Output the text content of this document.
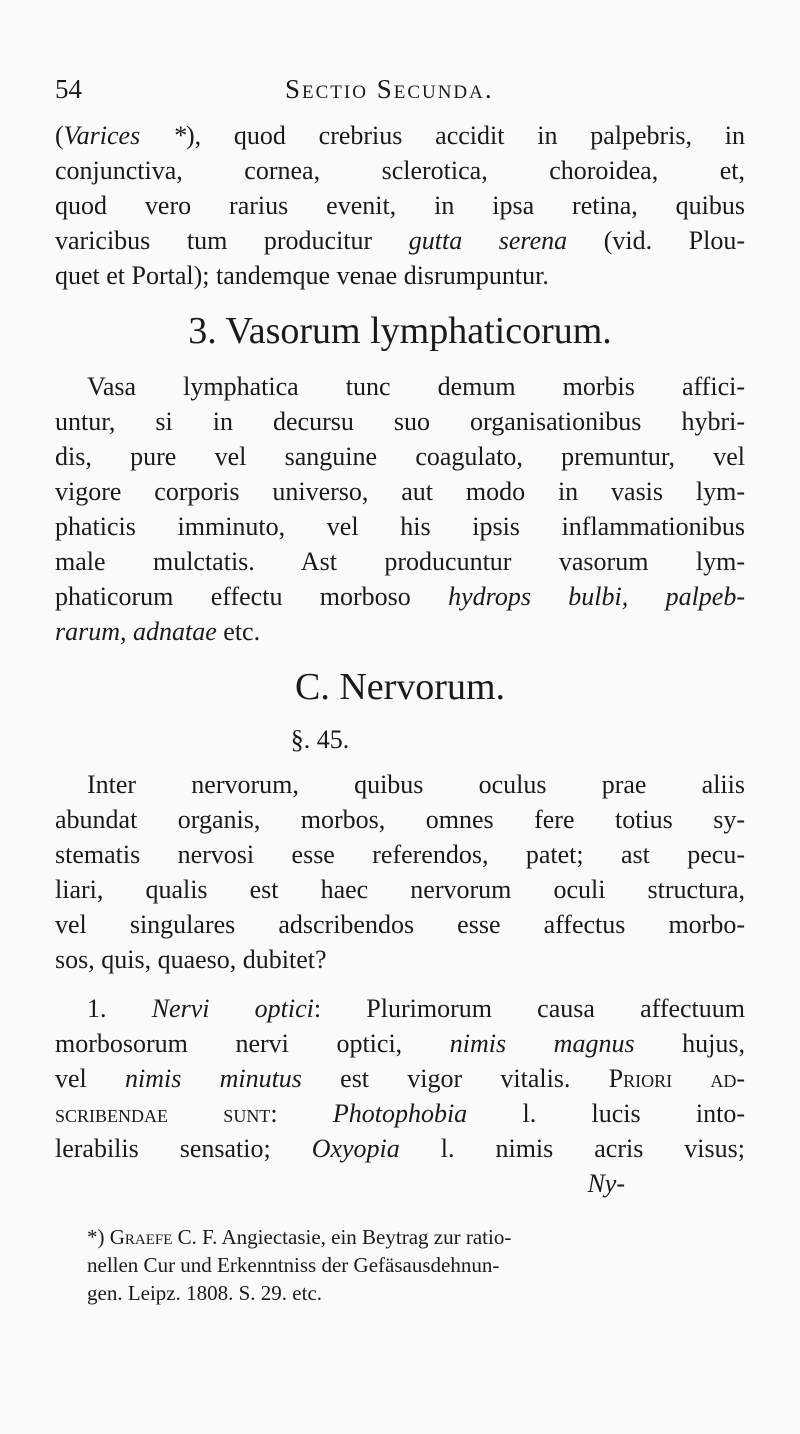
54	Sectio Secunda.

(Varices *), quod crebrius accidit in palpebris, in
conjunctiva, cornea, sclerotica, choroidea, et,
quod vero rarius evenit, in ipsa retina, quibus
varicibus tum producitur gutta serena (vid. Plou-
quet et Portal); tandemque venae disrumpuntur.

3. Vasorum lymphaticorum.

Vasa lymphatica tunc demum morbis affici-
untur, si in decursu suo organisationibus hybri-
dis, pure vel sanguine coagulato, premuntur, vel
vigore corporis universo, aut modo in vasis lym-
phaticis imminuto, vel his ipsis inflammationibus
male mulctatis. Ast producuntur vasorum lym-
phaticorum effectu morboso hydrops bulbi, palpeb-
rarum, adnatae etc.

C. Nervorum.
§. 45.

Inter nervorum, quibus oculus prae aliis
abundat organis, morbos, omnes fere totius sy-
stematis nervosi esse referendos, patet; ast pecu-
liari, qualis est haec nervorum oculi structura,
vel singulares adscribendos esse affectus morbo-
sos, quis, quaeso, dubitet?

1. Nervi optici: Plurimorum causa affectuum
morbosorum nervi optici, nimis magnus hujus,
vel nimis minutus est vigor vitalis. Priori ad-
scribendae sunt: Photophobia l. lucis into-
lerabilis sensatio; Oxyopia l. nimis acris visus;
Ny-

*) Graefe C. F. Angiectasie, ein Beytrag zur ratio-
nellen Cur und Erkenntniss der Gefäsausdehnun-
gen. Leipz. 1808. S. 29. etc.
